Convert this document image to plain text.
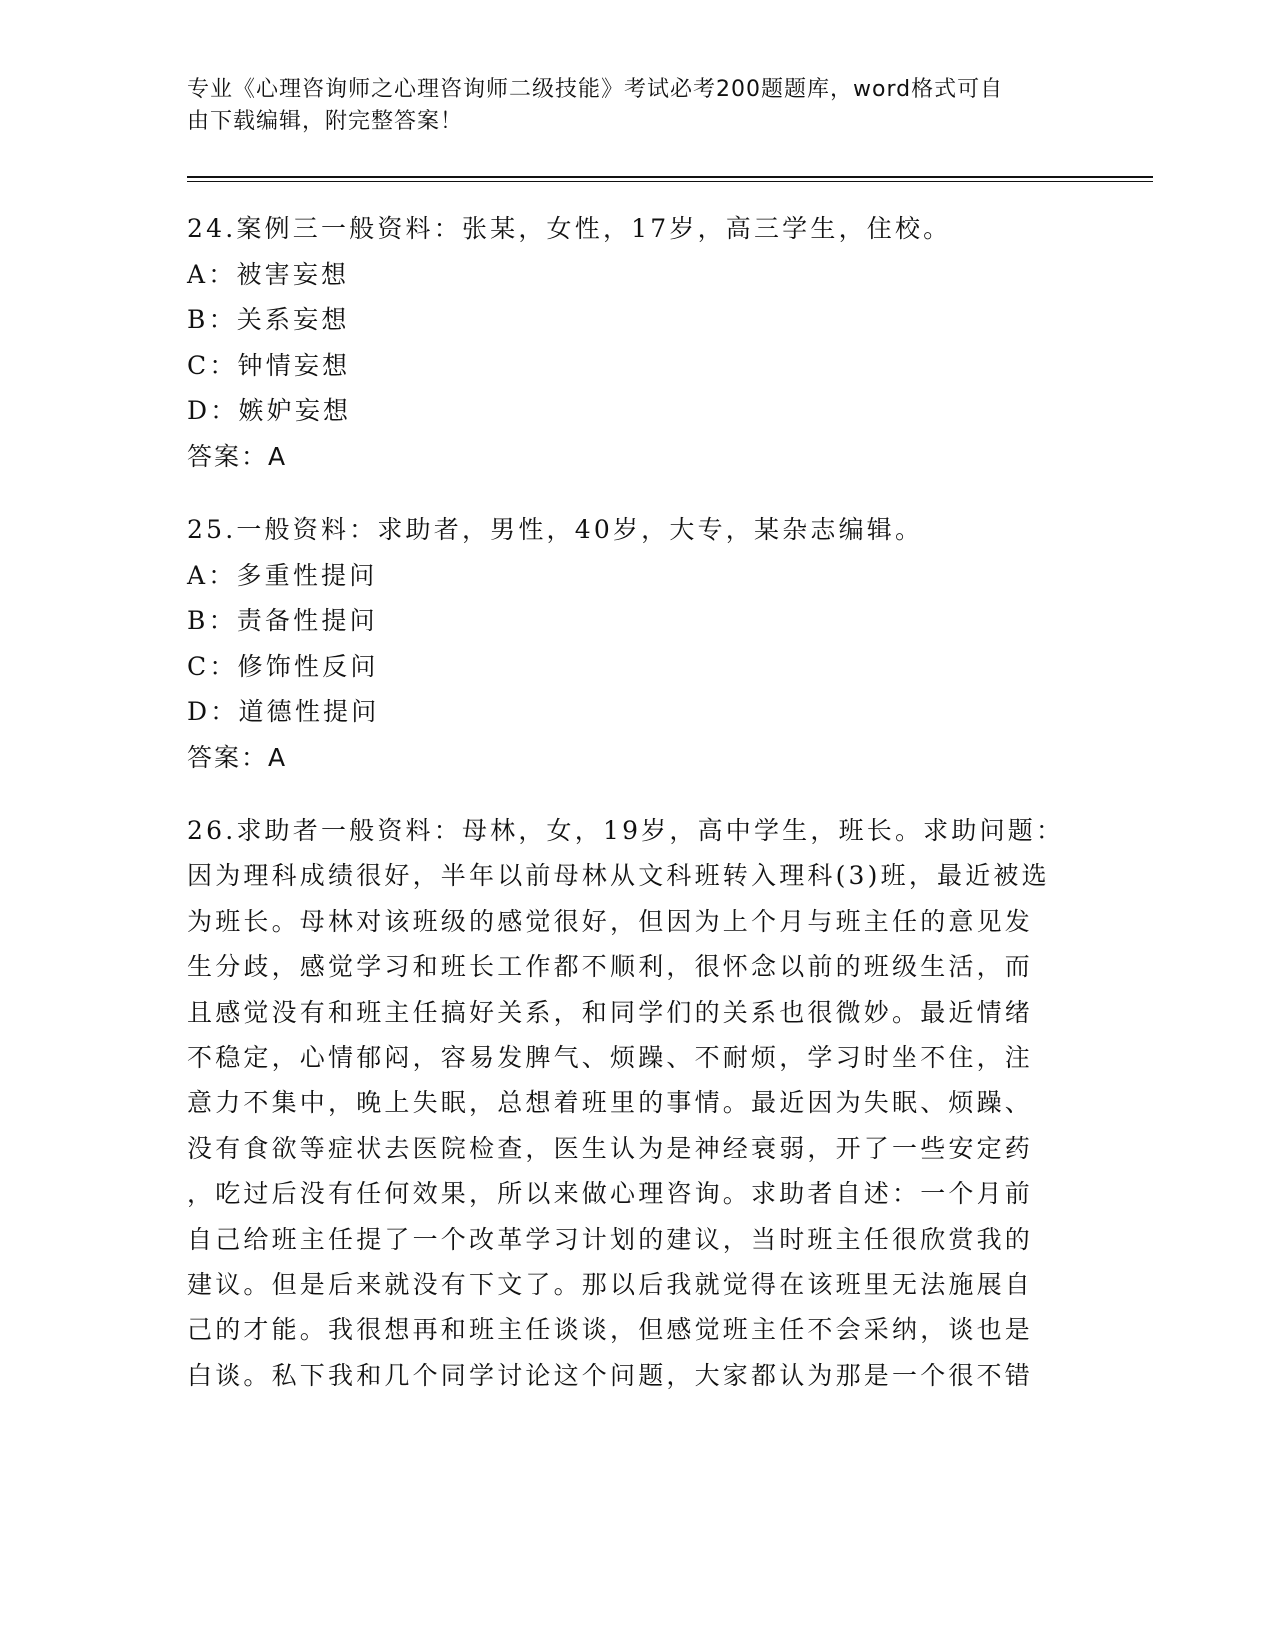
专业《心理咨询师之心理咨询师二级技能》考试必考200题题库，word格式可自
由下载编辑，附完整答案！
24.案例三一般资料：张某，女性，17岁，高三学生，住校。
A：被害妄想
B：关系妄想
C：钟情妄想
D：嫉妒妄想
答案：A
25.一般资料：求助者，男性，40岁，大专，某杂志编辑。
A：多重性提问
B：责备性提问
C：修饰性反问
D：道德性提问
答案：A
26.求助者一般资料：母林，女，19岁，高中学生，班长。求助问题：
因为理科成绩很好，半年以前母林从文科班转入理科(3)班，最近被选
为班长。母林对该班级的感觉很好，但因为上个月与班主任的意见发
生分歧，感觉学习和班长工作都不顺利，很怀念以前的班级生活，而
且感觉没有和班主任搞好关系，和同学们的关系也很微妙。最近情绪
不稳定，心情郁闷，容易发脾气、烦躁、不耐烦，学习时坐不住，注
意力不集中，晚上失眠，总想着班里的事情。最近因为失眠、烦躁、
没有食欲等症状去医院检查，医生认为是神经衰弱，开了一些安定药
，吃过后没有任何效果，所以来做心理咨询。求助者自述：一个月前
自己给班主任提了一个改革学习计划的建议，当时班主任很欣赏我的
建议。但是后来就没有下文了。那以后我就觉得在该班里无法施展自
己的才能。我很想再和班主任谈谈，但感觉班主任不会采纳，谈也是
白谈。私下我和几个同学讨论这个问题，大家都认为那是一个很不错
